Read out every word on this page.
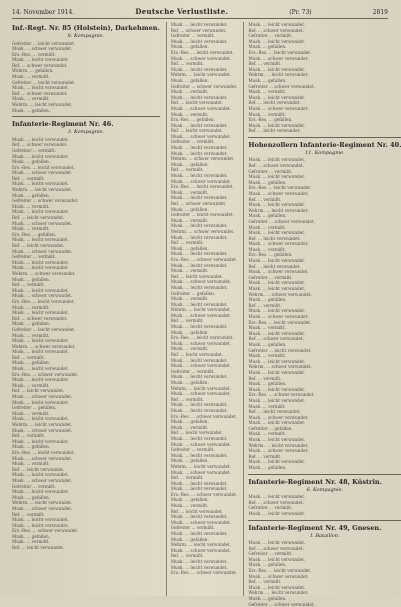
14. November 1914.	Deutsche Verlustliste.	(Pr. 73)	2819
Inf.-Regt. Nr. 85 (Holstein), Darkehmen.
8. Kompagnie.
Gefreiter ... leicht verwundet.
Musk. ... schwer verwundet.
Ers.-Res. ... vermißt.
Musk. ... leicht verwundet.
Ref. ... schwer verwundet.
Wehrm. ... gefallen.
Musk. ... vermißt.
Gefreiter ... leicht verwundet.
Musk. ... leicht verwundet.
Ref. ... schwer verwundet.
Musk. ... vermißt.
Wehrm. ... leicht verwundet.
Musk. ... gefallen.
Infanterie-Regiment Nr. 46.
3. Kompagnie.
Musk. ... leicht verwundet.
Ref. ... schwer verwundet.
Gefreiter ... vermißt.
Musk. ... leicht verwundet.
Musk. ... gefallen.
Ers.-Res. ... leicht verwundet.
Musk. ... schwer verwundet.
Ref. ... vermißt.
Musk. ... leicht verwundet.
Wehrm. ... leicht verwundet.
Musk. ... gefallen.
Gefreiter ... schwer verwundet.
Musk. ... vermißt.
Musk. ... leicht verwundet.
Ref. ... leicht verwundet.
Musk. ... schwer verwundet.
Musk. ... vermißt.
Ers.-Res. ... gefallen.
Musk. ... leicht verwundet.
Ref. ... leicht verwundet.
Musk. ... schwer verwundet.
Gefreiter ... vermißt.
Musk. ... leicht verwundet.
Musk. ... leicht verwundet.
Wehrm. ... schwer verwundet.
Musk. ... gefallen.
Ref. ... vermißt.
Musk. ... leicht verwundet.
Musk. ... schwer verwundet.
Ers.-Res. ... leicht verwundet.
Musk. ... vermißt.
Musk. ... leicht verwundet.
Ref. ... schwer verwundet.
Musk. ... gefallen.
Gefreiter ... leicht verwundet.
Musk. ... vermißt.
Musk. ... leicht verwundet.
Wehrm. ... schwer verwundet.
Musk. ... leicht verwundet.
Ref. ... vermißt.
Musk. ... gefallen.
Musk. ... leicht verwundet.
Ers.-Res. ... schwer verwundet.
Musk. ... leicht verwundet.
Musk. ... vermißt.
Ref. ... leicht verwundet.
Musk. ... schwer verwundet.
Musk. ... leicht verwundet.
Gefreiter ... gefallen.
Musk. ... vermißt.
Musk. ... leicht verwundet.
Wehrm. ... leicht verwundet.
Musk. ... schwer verwundet.
Ref. ... vermißt.
Musk. ... leicht verwundet.
Musk. ... gefallen.
Ers.-Res. ... leicht verwundet.
Musk. ... schwer verwundet.
Musk. ... vermißt.
Ref. ... leicht verwundet.
Musk. ... leicht verwundet.
Musk. ... schwer verwundet.
Gefreiter ... vermißt.
Musk. ... leicht verwundet.
Musk. ... gefallen.
Wehrm. ... leicht verwundet.
Musk. ... schwer verwundet.
Ref. ... vermißt.
Musk. ... leicht verwundet.
Musk. ... leicht verwundet.
Ers.-Res. ... schwer verwundet.
Musk. ... gefallen.
Musk. ... vermißt.
Ref. ... leicht verwundet.
Musk. ... leicht verwundet.
Ref. ... schwer verwundet.
Gefreiter ... vermißt.
Musk. ... leicht verwundet.
Musk. ... gefallen.
Ers.-Res. ... leicht verwundet.
Musk. ... schwer verwundet.
Ref. ... vermißt.
Musk. ... leicht verwundet.
Wehrm. ... leicht verwundet.
Musk. ... gefallen.
Gefreiter ... schwer verwundet.
Musk. ... vermißt.
Musk. ... leicht verwundet.
Ref. ... leicht verwundet.
Musk. ... schwer verwundet.
Musk. ... vermißt.
Ers.-Res. ... gefallen.
Musk. ... leicht verwundet.
Ref. ... leicht verwundet.
Musk. ... schwer verwundet.
Gefreiter ... vermißt.
Musk. ... leicht verwundet.
Musk. ... leicht verwundet.
Wehrm. ... schwer verwundet.
Musk. ... gefallen.
Ref. ... vermißt.
Musk. ... leicht verwundet.
Musk. ... schwer verwundet.
Ers.-Res. ... leicht verwundet.
Musk. ... vermißt.
Musk. ... leicht verwundet.
Ref. ... schwer verwundet.
Musk. ... gefallen.
Gefreiter ... leicht verwundet.
Musk. ... vermißt.
Musk. ... leicht verwundet.
Wehrm. ... schwer verwundet.
Musk. ... leicht verwundet.
Ref. ... vermißt.
Musk. ... gefallen.
Musk. ... leicht verwundet.
Ers.-Res. ... schwer verwundet.
Musk. ... leicht verwundet.
Musk. ... vermißt.
Ref. ... leicht verwundet.
Musk. ... schwer verwundet.
Musk. ... leicht verwundet.
Gefreiter ... gefallen.
Musk. ... vermißt.
Musk. ... leicht verwundet.
Wehrm. ... leicht verwundet.
Musk. ... schwer verwundet.
Ref. ... vermißt.
Musk. ... leicht verwundet.
Musk. ... gefallen.
Ers.-Res. ... leicht verwundet.
Musk. ... schwer verwundet.
Musk. ... vermißt.
Ref. ... leicht verwundet.
Musk. ... leicht verwundet.
Musk. ... schwer verwundet.
Gefreiter ... vermißt.
Musk. ... leicht verwundet.
Musk. ... gefallen.
Wehrm. ... leicht verwundet.
Musk. ... schwer verwundet.
Ref. ... vermißt.
Musk. ... leicht verwundet.
Musk. ... leicht verwundet.
Ers.-Res. ... schwer verwundet.
Musk. ... gefallen.
Musk. ... vermißt.
Ref. ... leicht verwundet.
Musk. ... leicht verwundet.
Musk. ... schwer verwundet.
Gefreiter ... vermißt.
Musk. ... leicht verwundet.
Musk. ... gefallen.
Wehrm. ... leicht verwundet.
Musk. ... schwer verwundet.
Ref. ... vermißt.
Musk. ... leicht verwundet.
Musk. ... leicht verwundet.
Ers.-Res. ... schwer verwundet.
Musk. ... gefallen.
Musk. ... vermißt.
Ref. ... leicht verwundet.
Musk. ... leicht verwundet.
Musk. ... schwer verwundet.
Gefreiter ... vermißt.
Musk. ... leicht verwundet.
Musk. ... gefallen.
Wehrm. ... leicht verwundet.
Musk. ... schwer verwundet.
Ref. ... vermißt.
Musk. ... leicht verwundet.
Musk. ... leicht verwundet.
Ers.-Res. ... schwer verwundet.
Musk. ... leicht verwundet.
Ref. ... schwer verwundet.
Gefreiter ... vermißt.
Musk. ... leicht verwundet.
Musk. ... gefallen.
Ers.-Res. ... leicht verwundet.
Musk. ... schwer verwundet.
Ref. ... vermißt.
Musk. ... leicht verwundet.
Wehrm. ... leicht verwundet.
Musk. ... gefallen.
Gefreiter ... schwer verwundet.
Musk. ... vermißt.
Musk. ... leicht verwundet.
Ref. ... leicht verwundet.
Musk. ... schwer verwundet.
Musk. ... vermißt.
Ers.-Res. ... gefallen.
Musk. ... leicht verwundet.
Ref. ... leicht verwundet.
Hohenzollern Infanterie-Regiment Nr. 40.
11. Kompagnie.
Musk. ... leicht verwundet.
Ref. ... schwer verwundet.
Gefreiter ... vermißt.
Musk. ... leicht verwundet.
Musk. ... gefallen.
Ers.-Res. ... leicht verwundet.
Musk. ... schwer verwundet.
Ref. ... vermißt.
Musk. ... leicht verwundet.
Wehrm. ... leicht verwundet.
Musk. ... gefallen.
Gefreiter ... schwer verwundet.
Musk. ... vermißt.
Musk. ... leicht verwundet.
Ref. ... leicht verwundet.
Musk. ... schwer verwundet.
Musk. ... vermißt.
Ers.-Res. ... gefallen.
Musk. ... leicht verwundet.
Ref. ... leicht verwundet.
Musk. ... schwer verwundet.
Gefreiter ... vermißt.
Musk. ... leicht verwundet.
Musk. ... leicht verwundet.
Wehrm. ... schwer verwundet.
Musk. ... gefallen.
Ref. ... vermißt.
Musk. ... leicht verwundet.
Musk. ... schwer verwundet.
Ers.-Res. ... leicht verwundet.
Musk. ... vermißt.
Musk. ... leicht verwundet.
Ref. ... schwer verwundet.
Musk. ... gefallen.
Gefreiter ... leicht verwundet.
Musk. ... vermißt.
Musk. ... leicht verwundet.
Wehrm. ... schwer verwundet.
Musk. ... leicht verwundet.
Ref. ... vermißt.
Musk. ... gefallen.
Musk. ... leicht verwundet.
Ers.-Res. ... schwer verwundet.
Musk. ... leicht verwundet.
Musk. ... vermißt.
Ref. ... leicht verwundet.
Musk. ... schwer verwundet.
Musk. ... leicht verwundet.
Gefreiter ... gefallen.
Musk. ... vermißt.
Musk. ... leicht verwundet.
Wehrm. ... leicht verwundet.
Musk. ... schwer verwundet.
Ref. ... vermißt.
Musk. ... leicht verwundet.
Musk. ... gefallen.
Infanterie-Regiment Nr. 48, Küstrin.
6. Kompagnie.
Musk. ... leicht verwundet.
Ref. ... schwer verwundet.
Gefreiter ... vermißt.
Musk. ... leicht verwundet.
Infanterie-Regiment Nr. 49, Gnesen.
I. Bataillon.
Musk. ... leicht verwundet.
Ref. ... schwer verwundet.
Gefreiter ... vermißt.
Musk. ... leicht verwundet.
Musk. ... gefallen.
Ers.-Res. ... leicht verwundet.
Musk. ... schwer verwundet.
Ref. ... vermißt.
Musk. ... leicht verwundet.
Wehrm. ... leicht verwundet.
Musk. ... gefallen.
Gefreiter ... schwer verwundet.
